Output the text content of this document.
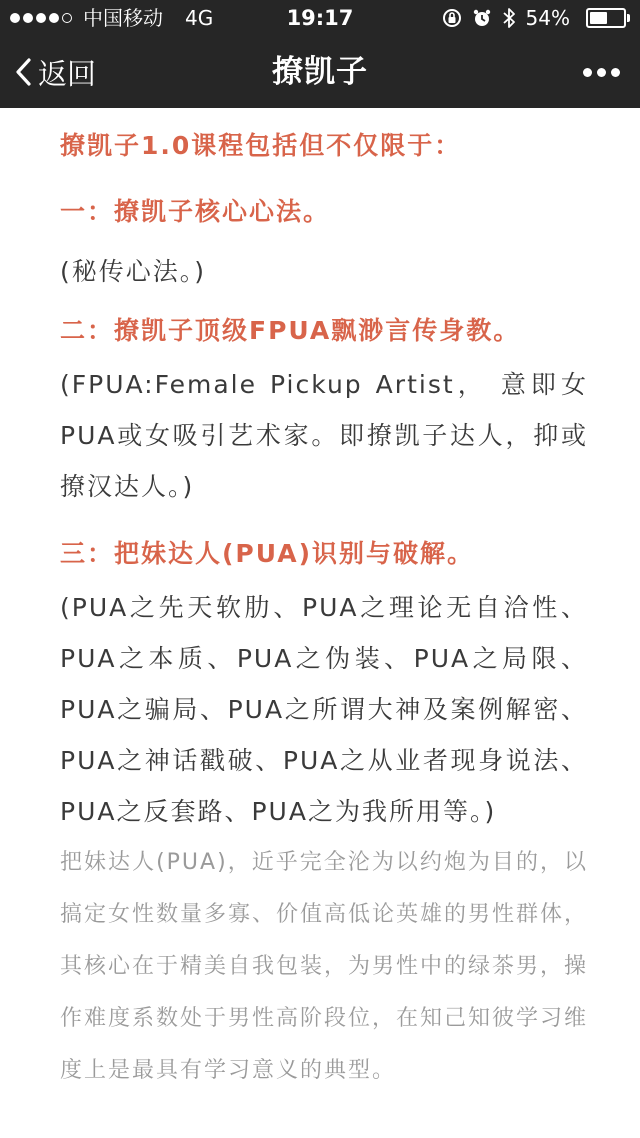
中国移动 4G	19:17	54%
返回	撩凯子
撩凯子1.0课程包括但不仅限于：
一：撩凯子核心心法。
(秘传心法。)
二：撩凯子顶级FPUA飘渺言传身教。
(FPUA:Female Pickup Artist， 意即女PUA或女吸引艺术家。即撩凯子达人，抑或撩汉达人。)
三：把妹达人(PUA)识别与破解。
(PUA之先天软肋、PUA之理论无自洽性、PUA之本质、PUA之伪装、PUA之局限、PUA之骗局、PUA之所谓大神及案例解密、PUA之神话戳破、PUA之从业者现身说法、PUA之反套路、PUA之为我所用等。)
把妹达人(PUA)，近乎完全沦为以约炮为目的，以搞定女性数量多寡、价值高低论英雄的男性群体，其核心在于精美自我包装，为男性中的绿茶男，操作难度系数处于男性高阶段位，在知己知彼学习维度上是最具有学习意义的典型。
